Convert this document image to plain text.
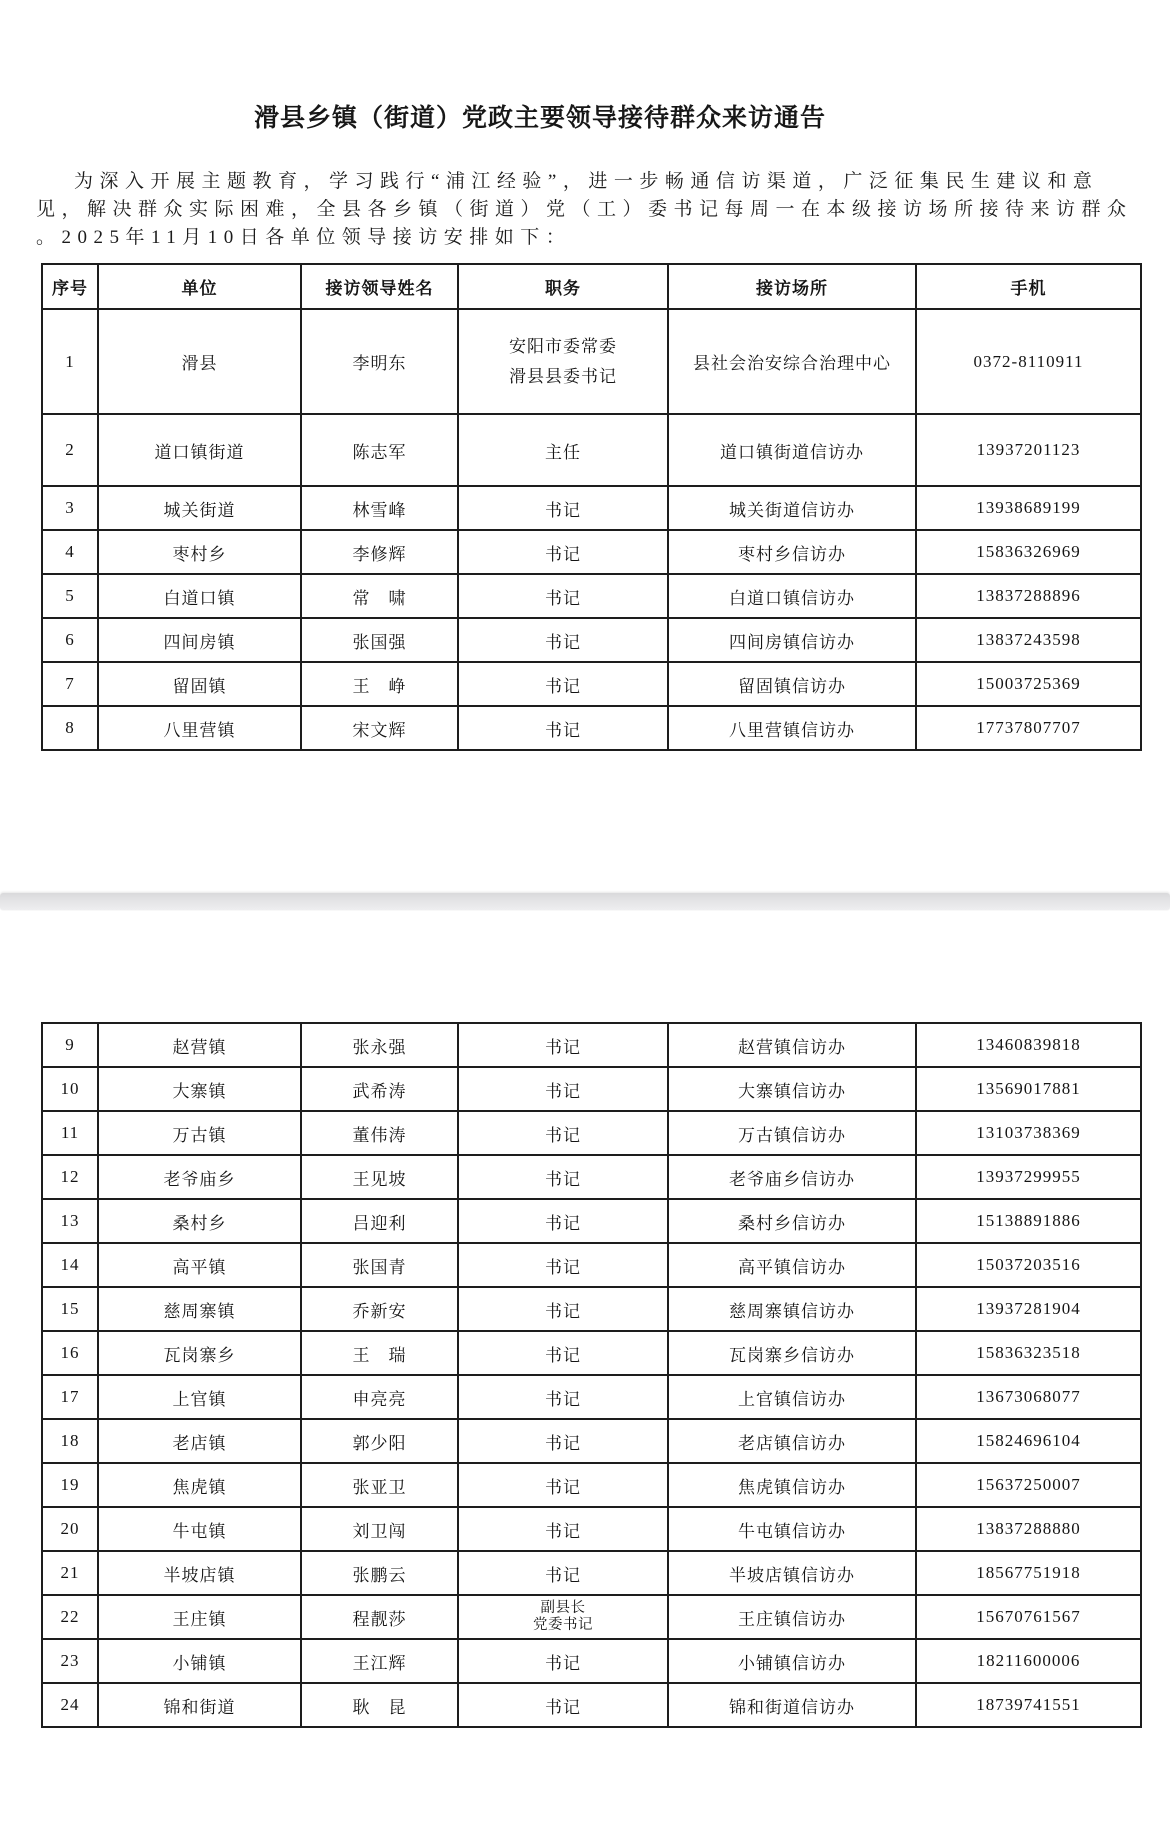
滑县乡镇（街道）党政主要领导接待群众来访通告
为深入开展主题教育，学习践行“浦江经验”，进一步畅通信访渠道，广泛征集民生建议和意
见，解决群众实际困难，全县各乡镇（街道）党（工）委书记每周一在本级接访场所接待来访群众
。2025年11月10日各单位领导接访安排如下：
序号	单位	接访领导姓名	职务	接访场所	手机
1	滑县	李明东	安阳市委常委
滑县县委书记	县社会治安综合治理中心	0372-8110911
2	道口镇街道	陈志军	主任	道口镇街道信访办	13937201123
3	城关街道	林雪峰	书记	城关街道信访办	13938689199
4	枣村乡	李修辉	书记	枣村乡信访办	15836326969
5	白道口镇	常　啸	书记	白道口镇信访办	13837288896
6	四间房镇	张国强	书记	四间房镇信访办	13837243598
7	留固镇	王　峥	书记	留固镇信访办	15003725369
8	八里营镇	宋文辉	书记	八里营镇信访办	17737807707
9	赵营镇	张永强	书记	赵营镇信访办	13460839818
10	大寨镇	武希涛	书记	大寨镇信访办	13569017881
11	万古镇	董伟涛	书记	万古镇信访办	13103738369
12	老爷庙乡	王见坡	书记	老爷庙乡信访办	13937299955
13	桑村乡	吕迎利	书记	桑村乡信访办	15138891886
14	高平镇	张国青	书记	高平镇信访办	15037203516
15	慈周寨镇	乔新安	书记	慈周寨镇信访办	13937281904
16	瓦岗寨乡	王　瑞	书记	瓦岗寨乡信访办	15836323518
17	上官镇	申亮亮	书记	上官镇信访办	13673068077
18	老店镇	郭少阳	书记	老店镇信访办	15824696104
19	焦虎镇	张亚卫	书记	焦虎镇信访办	15637250007
20	牛屯镇	刘卫闯	书记	牛屯镇信访办	13837288880
21	半坡店镇	张鹏云	书记	半坡店镇信访办	18567751918
22	王庄镇	程靓莎	副县长
党委书记	王庄镇信访办	15670761567
23	小铺镇	王江辉	书记	小铺镇信访办	18211600006
24	锦和街道	耿　昆	书记	锦和街道信访办	18739741551
